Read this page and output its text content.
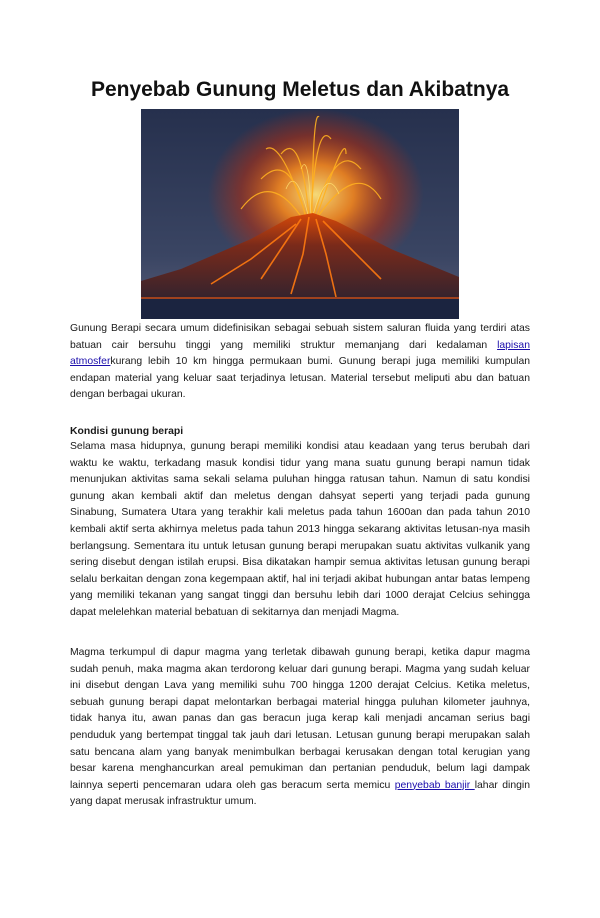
Penyebab Gunung Meletus dan Akibatnya

Gunung Berapi secara umum didefinisikan sebagai sebuah sistem saluran fluida yang terdiri atas batuan cair bersuhu tinggi yang memiliki struktur memanjang dari kedalaman lapisan atmosferkurang lebih 10 km hingga permukaan bumi. Gunung berapi juga memiliki kumpulan endapan material yang keluar saat terjadinya letusan. Material tersebut meliputi abu dan batuan dengan berbagai ukuran.

Kondisi gunung berapi

Selama masa hidupnya, gunung berapi memiliki kondisi atau keadaan yang terus berubah dari waktu ke waktu, terkadang masuk kondisi tidur yang mana suatu gunung berapi namun tidak menunjukan aktivitas sama sekali selama puluhan hingga ratusan tahun. Namun di satu kondisi gunung akan kembali aktif dan meletus dengan dahsyat seperti yang terjadi pada gunung Sinabung, Sumatera Utara yang terakhir kali meletus pada tahun 1600an dan pada tahun 2010 kembali aktif serta akhirnya meletus pada tahun 2013 hingga sekarang aktivitas letusan-nya masih berlangsung. Sementara itu untuk letusan gunung berapi merupakan suatu aktivitas vulkanik yang sering disebut dengan istilah erupsi. Bisa dikatakan hampir semua aktivitas letusan gunung berapi selalu berkaitan dengan zona kegempaan aktif, hal ini terjadi akibat hubungan antar batas lempeng yang memiliki tekanan yang sangat tinggi dan bersuhu lebih dari 1000 derajat Celcius sehingga dapat melelehkan material bebatuan di sekitarnya dan menjadi Magma.

Magma terkumpul di dapur magma yang terletak dibawah gunung berapi, ketika dapur magma sudah penuh, maka magma akan terdorong keluar dari gunung berapi. Magma yang sudah keluar ini disebut dengan Lava yang memiliki suhu 700 hingga 1200 derajat Celcius. Ketika meletus, sebuah gunung berapi dapat melontarkan berbagai material hingga puluhan kilometer jauhnya, tidak hanya itu, awan panas dan gas beracun juga kerap kali menjadi ancaman serius bagi penduduk yang bertempat tinggal tak jauh dari letusan. Letusan gunung berapi merupakan salah satu bencana alam yang banyak menimbulkan berbagai kerusakan dengan total kerugian yang besar karena menghancurkan areal pemukiman dan pertanian penduduk, belum lagi dampak lainnya seperti pencemaran udara oleh gas beracum serta memicu penyebab banjir lahar dingin yang dapat merusak infrastruktur umum.
